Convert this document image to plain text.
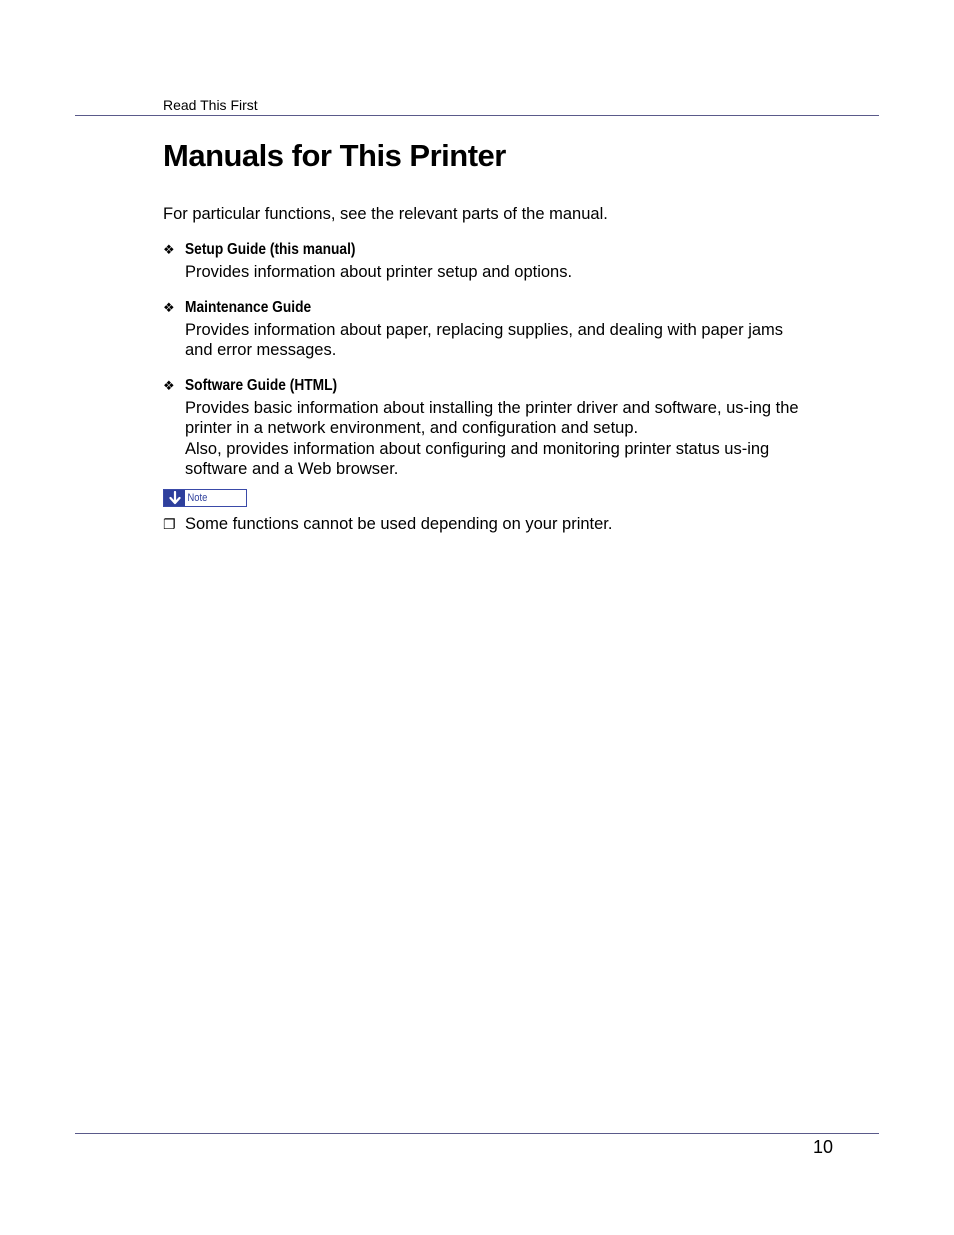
Read This First
Manuals for This Printer
For particular functions, see the relevant parts of the manual.
❖ Setup Guide (this manual)

Provides information about printer setup and options.

❖ Maintenance Guide

Provides information about paper, replacing supplies, and dealing with paper jams and error messages.

❖ Software Guide (HTML)

Provides basic information about installing the printer driver and software, us-ing the printer in a network environment, and configuration and setup.

Also, provides information about configuring and monitoring printer status us-ing software and a Web browser.

Note
❐ Some functions cannot be used depending on your printer.
10
